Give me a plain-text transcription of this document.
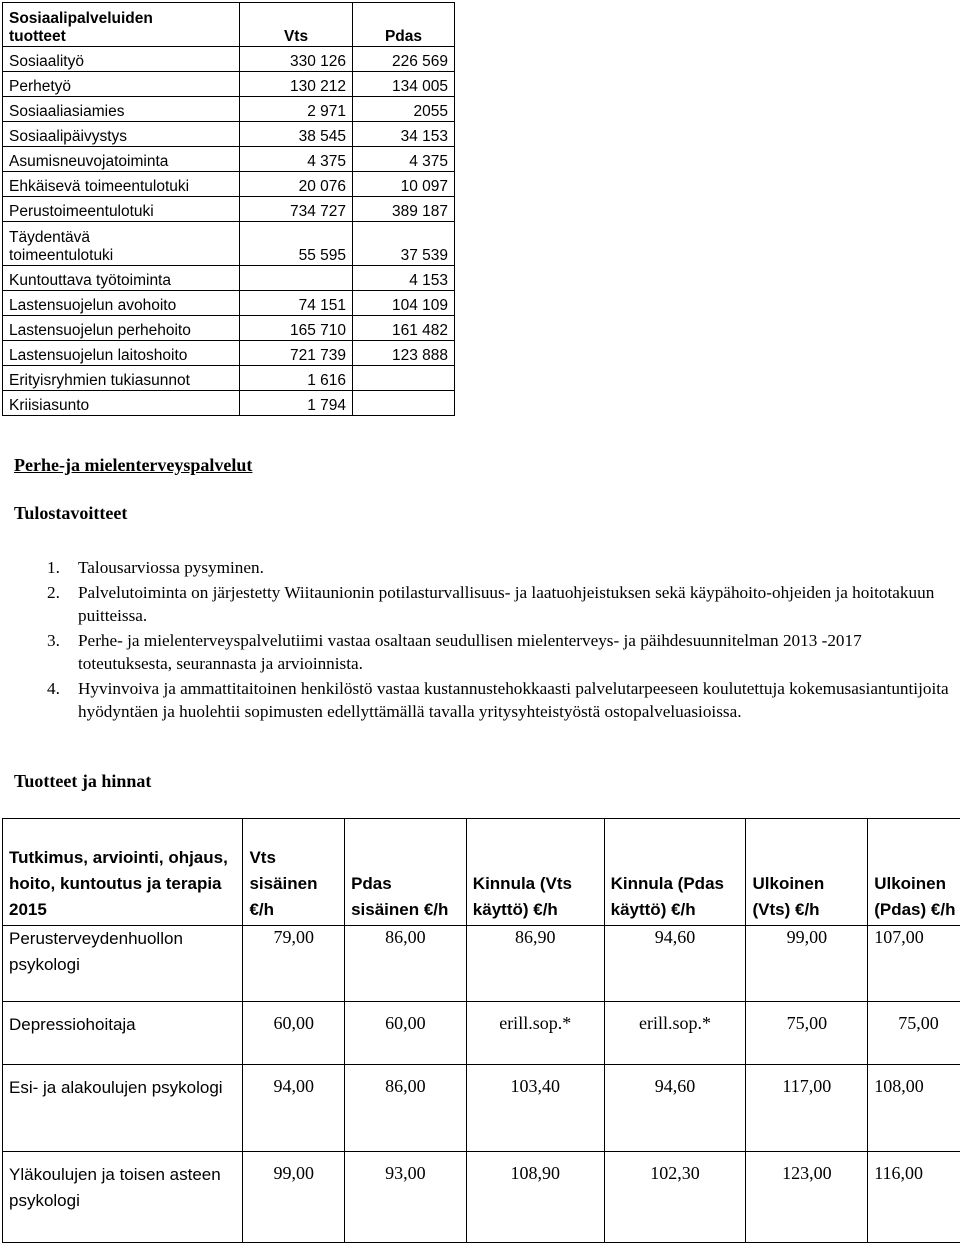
Sosiaalipalveluiden
tuotteet	Vts	Pdas
Sosiaalityö	330 126	226 569
Perhetyö	130 212	134 005
Sosiaaliasiamies	2 971	2055
Sosiaalipäivystys	38 545	34 153
Asumisneuvojatoiminta	4 375	4 375
Ehkäisevä toimeentulotuki	20 076	10 097
Perustoimeentulotuki	734 727	389 187
Täydentävä
toimeentulotuki	55 595	37 539
Kuntouttava työtoiminta		4 153
Lastensuojelun avohoito	74 151	104 109
Lastensuojelun perhehoito	165 710	161 482
Lastensuojelun laitoshoito	721 739	123 888
Erityisryhmien tukiasunnot	1 616	
Kriisiasunto	1 794	
Perhe-ja mielenterveyspalvelut
Tulostavoitteet
1. Talousarviossa pysyminen.
2. Palvelutoiminta on järjestetty Wiitaunionin potilasturvallisuus- ja laatuohjeistuksen sekä käypähoito-ohjeiden ja hoitotakuun puitteissa.
3. Perhe- ja mielenterveyspalvelutiimi vastaa osaltaan seudullisen mielenterveys- ja päihdesuunnitelman 2013 -2017 toteutuksesta, seurannasta ja arvioinnista.
4. Hyvinvoiva ja ammattitaitoinen henkilöstö vastaa kustannustehokkaasti palvelutarpeeseen koulutettuja kokemusasiantuntijoita hyödyntäen ja huolehtii sopimusten edellyttämällä tavalla yritysyhteistyöstä ostopalveluasioissa.
Tuotteet ja hinnat
Tutkimus, arviointi, ohjaus, hoito, kuntoutus ja terapia 2015	Vts sisäinen €/h	Pdas sisäinen €/h	Kinnula (Vts käyttö) €/h	Kinnula (Pdas käyttö) €/h	Ulkoinen (Vts) €/h	Ulkoinen (Pdas) €/h
Perusterveydenhuollon psykologi	79,00	86,00	86,90	94,60	99,00	107,00
Depressiohoitaja	60,00	60,00	erill.sop.*	erill.sop.*	75,00	75,00
Esi- ja alakoulujen psykologi	94,00	86,00	103,40	94,60	117,00	108,00
Yläkoulujen ja toisen asteen psykologi	99,00	93,00	108,90	102,30	123,00	116,00
